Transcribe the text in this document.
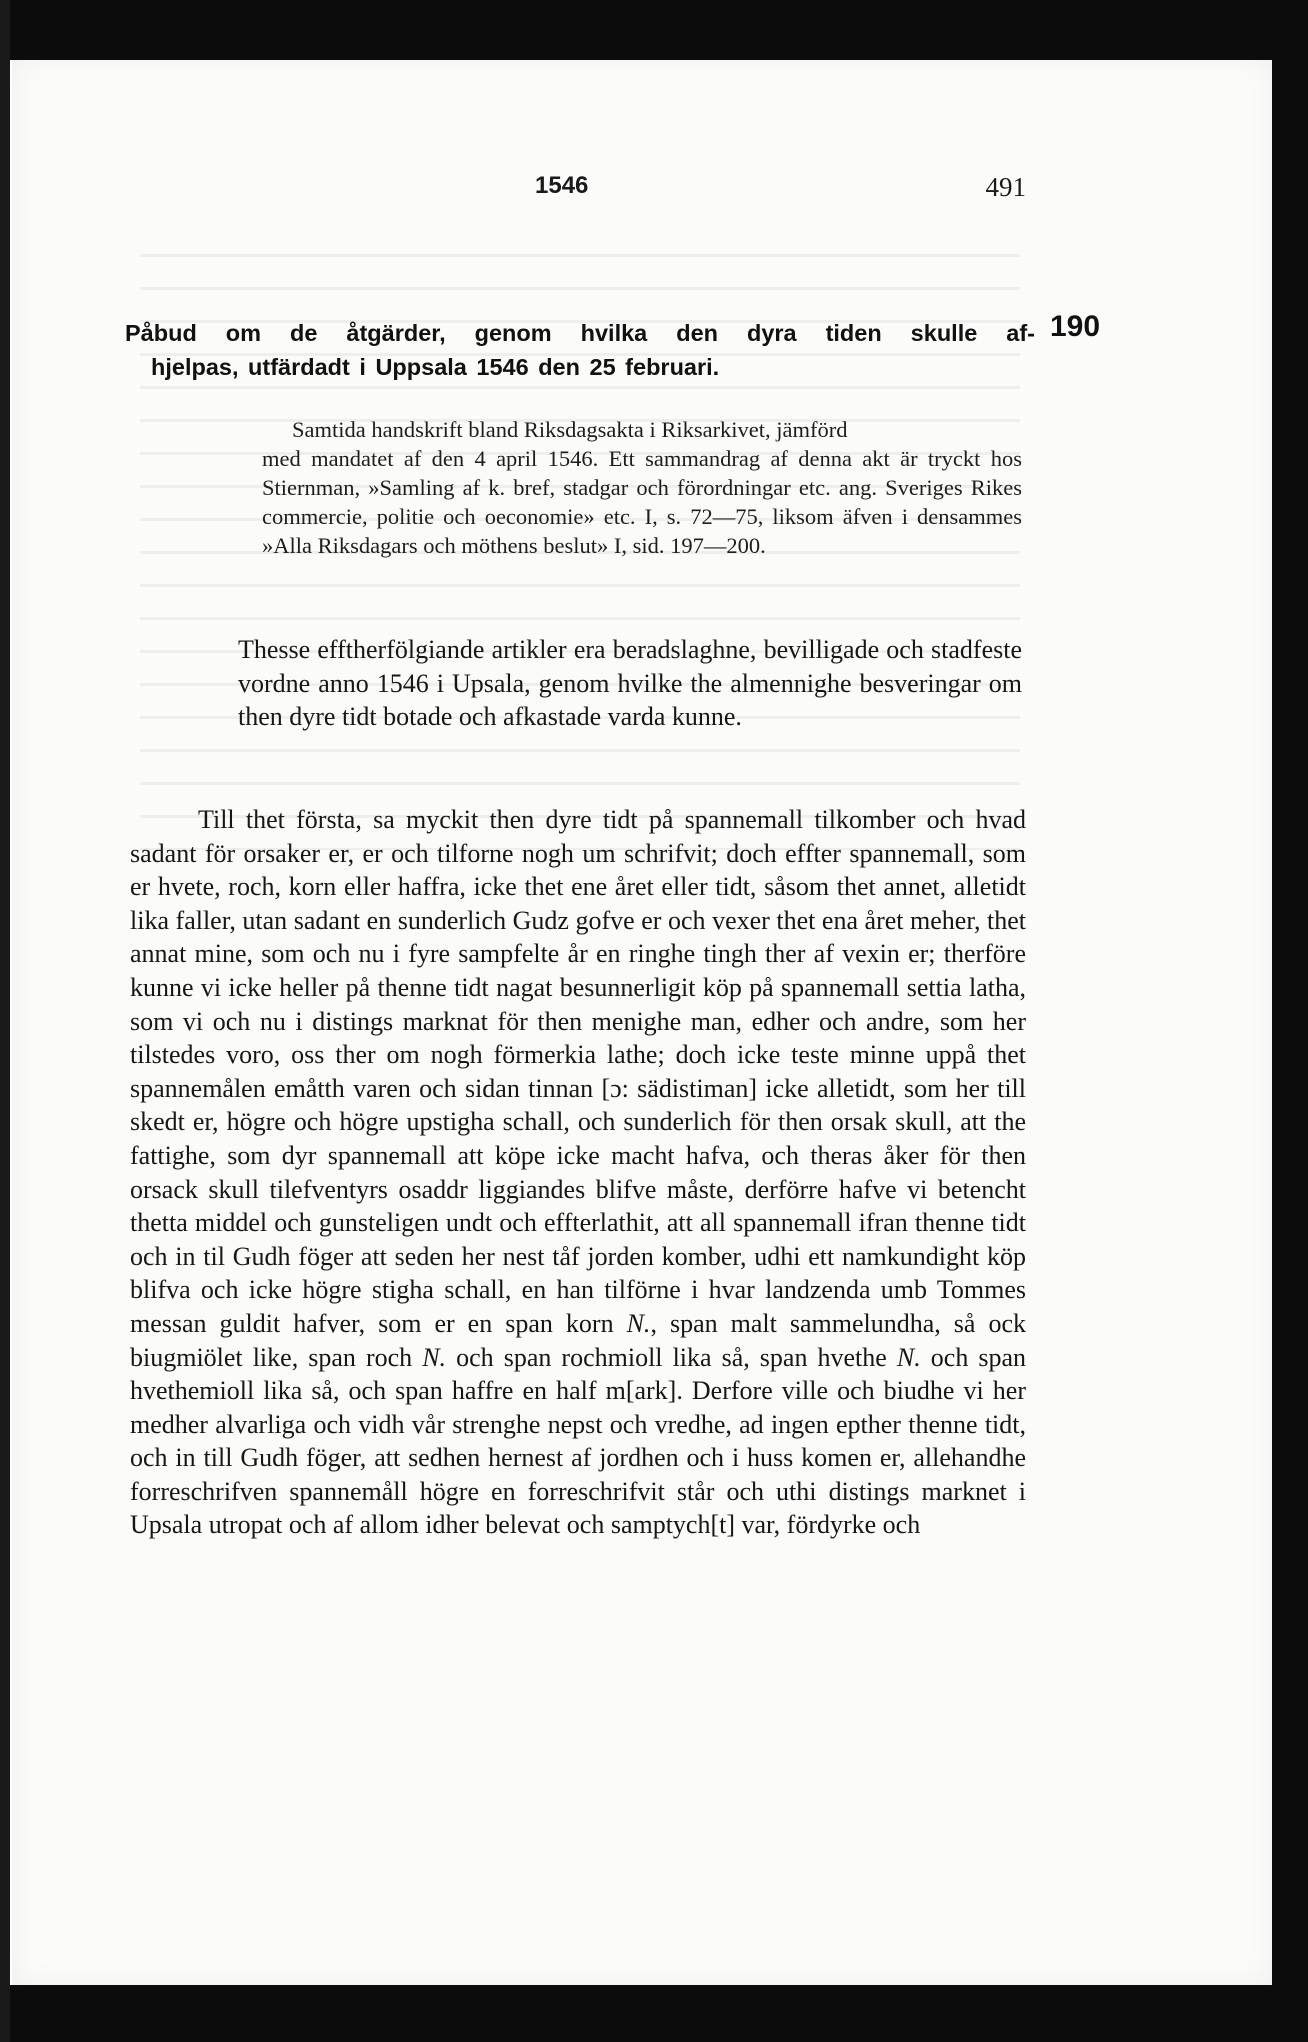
1546	491
190
Påbud om de åtgärder, genom hvilka den dyra tiden skulle af-
hjelpas, utfärdadt i Uppsala 1546 den 25 februari.

Samtida handskrift bland Riksdagsakta i Riksarkivet, jämförd
med mandatet af den 4 april 1546. Ett sammandrag af denna akt är tryckt hos Stiernman, »Samling af k. bref, stadgar och förordningar etc. ang. Sveriges Rikes commercie, politie och oeconomie» etc. I, s. 72—75, liksom äfven i densammes »Alla Riksdagars och möthens beslut» I, sid. 197—200.

Thesse efftherfölgiande artikler era beradslaghne, bevilligade och stadfeste vordne anno 1546 i Upsala, genom hvilke the almennighe besveringar om then dyre tidt botade och afkastade varda kunne.

Till thet första, sa myckit then dyre tidt på spannemall tilkomber och hvad sadant för orsaker er, er och tilforne nogh um schrifvit; doch effter spannemall, som er hvete, roch, korn eller haffra, icke thet ene året eller tidt, såsom thet annet, alletidt lika faller, utan sadant en sunderlich Gudz gofve er och vexer thet ena året meher, thet annat mine, som och nu i fyre sampfelte år en ringhe tingh ther af vexin er; therföre kunne vi icke heller på thenne tidt nagat besunnerligit köp på spannemall settia latha, som vi och nu i distings marknat för then menighe man, edher och andre, som her tilstedes voro, oss ther om nogh förmerkia lathe; doch icke teste minne uppå thet spannemålen emåtth varen och sidan tinnan [ɔ: sädistiman] icke alletidt, som her till skedt er, högre och högre upstigha schall, och sunderlich för then orsak skull, att the fattighe, som dyr spannemall att köpe icke macht hafva, och theras åker för then orsack skull tilefventyrs osaddr liggiandes blifve måste, derförre hafve vi betencht thetta middel och gunsteligen undt och effterlathit, att all spannemall ifran thenne tidt och in til Gudh föger att seden her nest tåf jorden komber, udhi ett namkundight köp blifva och icke högre stigha schall, en han tilförne i hvar landzenda umb Tommes messan guldit hafver, som er en span korn N., span malt sammelundha, så ock biugmiölet like, span roch N. och span rochmioll lika så, span hvethe N. och span hvethemioll lika så, och span haffre en half m[ark]. Derfore ville och biudhe vi her medher alvarliga och vidh vår strenghe nepst och vredhe, ad ingen epther thenne tidt, och in till Gudh föger, att sedhen hernest af jordhen och i huss komen er, allehandhe forreschrifven spannemåll högre en forreschrifvit står och uthi distings marknet i Upsala utropat och af allom idher belevat och samptych[t] var, fördyrke och
